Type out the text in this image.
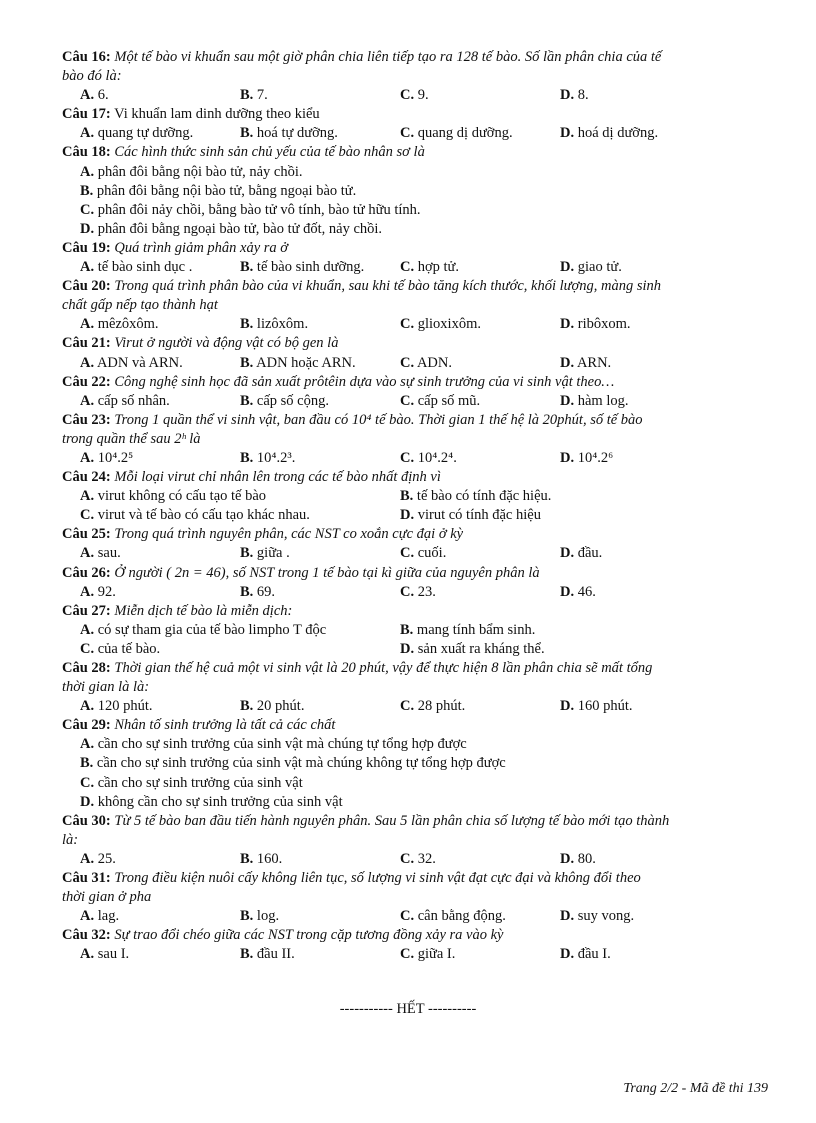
Câu 16: Một tế bào vi khuẩn sau một giờ phân chia liên tiếp tạo ra 128 tế bào. Số lần phân chia của tế
bào đó là:
A. 6.	B. 7.	C. 9.	D. 8.
Câu 17: Vi khuẩn lam dinh dưỡng theo kiểu
A. quang tự dưỡng.	B. hoá tự dưỡng.	C. quang dị dưỡng.	D. hoá dị dưỡng.
Câu 18: Các hình thức sinh sản chủ yếu của tế bào nhân sơ là
A. phân đôi bằng nội bào tử, nảy chồi.
B. phân đôi bằng nội bào tử, bằng ngoại bào tử.
C. phân đôi nảy chồi, bằng bào tử vô tính, bào tử hữu tính.
D. phân đôi bằng ngoại bào tử, bào tử đốt, nảy chồi.
Câu 19: Quá trình giảm phân xảy ra ở
A. tế bào sinh dục .	B. tế bào sinh dưỡng. C. hợp tử.	D. giao tử.
Câu 20: Trong quá trình phân bào của vi khuẩn, sau khi tế bào tăng kích thước, khối lượng, màng sinh
chất gấp nếp tạo thành hạt
A. mêzôxôm.	B. lizôxôm.	C. glioxixôm.	D. ribôxom.
Câu 21: Virut ở người và động vật có bộ gen là
A. ADN và ARN.	B. ADN hoặc ARN.	C. ADN.	D. ARN.
Câu 22: Công nghệ sinh học đã sản xuất prôtêin dựa vào sự sinh trưởng của vi sinh vật theo…
A. cấp số nhân.	B. cấp số cộng.	C. cấp số mũ.	D. hàm log.
Câu 23: Trong 1 quần thể vi sinh vật, ban đầu có 10⁴ tế bào. Thời gian 1 thế hệ là 20phút, số tế bào
trong quần thể sau 2ʰ là
A. 10⁴.2⁵	B. 10⁴.2³.	C. 10⁴.2⁴.	D. 10⁴.2⁶
Câu 24: Mỗi loại virut chỉ nhân lên trong các tế bào nhất định vì
A. virut không có cấu tạo tế bào	B. tế bào có tính đặc hiệu.
C. virut và tế bào có cấu tạo khác nhau.	D. virut có tính đặc hiệu
Câu 25: Trong quá trình nguyên phân, các NST co xoắn cực đại ở kỳ
A. sau.	B. giữa .	C. cuối.	D. đầu.
Câu 26: Ở người ( 2n = 46), số NST trong 1 tế bào tại kì giữa của nguyên phân là
A. 92.	B. 69.	C. 23.	D. 46.
Câu 27: Miễn dịch tế bào là miễn dịch:
A. có sự tham gia của tế bào limpho T độc	B. mang tính bẩm sinh.
C. của tế bào.	D. sản xuất ra kháng thể.
Câu 28: Thời gian thế hệ cuả một vi sinh vật là 20 phút, vậy để thực hiện 8 lần phân chia sẽ mất tổng
thời gian là là:
A. 120 phút.	B. 20 phút.	C. 28 phút.	D. 160 phút.
Câu 29: Nhân tố sinh trưởng là tất cả các chất
A. cần cho sự sinh trưởng của sinh vật mà chúng tự tổng hợp được
B. cần cho sự sinh trưởng của sinh vật mà chúng không tự tổng hợp được
C. cần cho sự sinh trưởng của sinh vật
D. không cần cho sự sinh trưởng của sinh vật
Câu 30: Từ 5 tế bào ban đầu tiến hành nguyên phân. Sau 5 lần phân chia số lượng tế bào mới tạo thành
là:
A. 25.	B. 160.	C. 32.	D. 80.
Câu 31: Trong điều kiện nuôi cấy không liên tục, số lượng vi sinh vật đạt cực đại và không đổi theo
thời gian ở pha
A. lag.	B. log.	C. cân bằng động.	D. suy vong.
Câu 32: Sự trao đổi chéo giữa các NST trong cặp tương đồng xảy ra vào kỳ
A. sau I.	B. đầu II.	C. giữa I.	D. đầu I.
----------- HẾT ----------
Trang 2/2 - Mã đề thi 139
